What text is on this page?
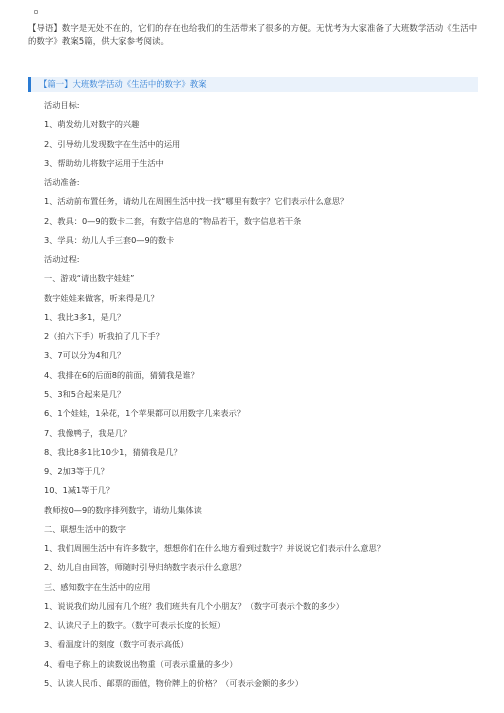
【导语】数字是无处不在的，它们的存在也给我们的生活带来了很多的方便。无忧考为大家准备了大班数学活动《生活中的数字》教案5篇，供大家参考阅读。
【篇一】大班数学活动《生活中的数字》教案
活动目标:
1、萌发幼儿对数字的兴趣
2、引导幼儿发现数字在生活中的运用
3、帮助幼儿将数字运用于生活中
活动准备:
1、活动前布置任务，请幼儿在周围生活中找一找“哪里有数字？它们表示什么意思？
2、教具：0—9的数卡二套，有数字信息的”物品若干，数字信息若干条
3、学具：幼儿人手三套0—9的数卡
活动过程:
一、游戏“请出数字娃娃”
数字娃娃来做客，听来得是几？
1、我比3多1，是几？
2（拍六下手）听我拍了几下手？
3、7可以分为4和几？
4、我排在6的后面8的前面，猜猜我是谁？
5、3和5合起来是几？
6、1个娃娃，1朵花，1个苹果都可以用数字几来表示？
7、我像鸭子，我是几？
8、我比8多1比10少1，猜猜我是几？
9、2加3等于几？
10、1减1等于几？
教师按0—9的数序排列数字，请幼儿集体读
二、联想生活中的数字
1、我们周围生活中有许多数字，想想你们在什么地方看到过数字？并说说它们表示什么意思？
2、幼儿自由回答，师随时引导归纳数字表示什么意思？
三、感知数字在生活中的应用
1、说说我们幼儿园有几个班？我们班共有几个小朋友？（数字可表示个数的多少）
2、认读尺子上的数字。（数字可表示长度的长短）
3、看温度计的刻度（数字可表示高低）
4、看电子称上的读数说出物重（可表示重量的多少）
5、认读人民币、邮票的面值，物价牌上的价格？（可表示金额的多少）
